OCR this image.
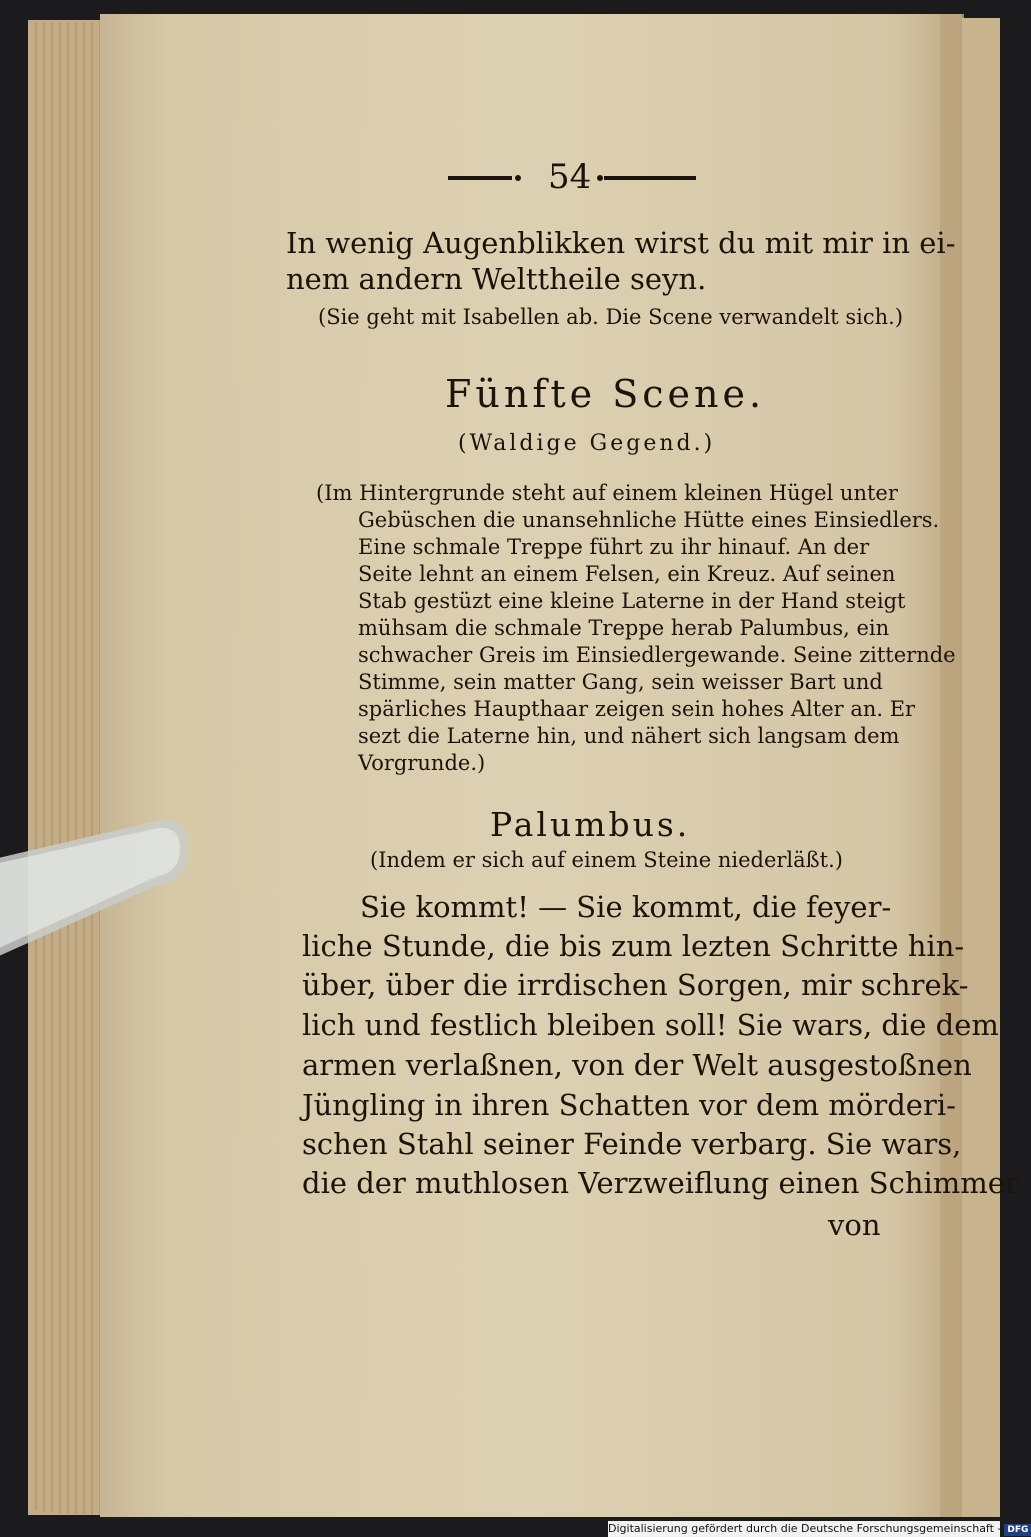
54
In wenig Augenblikken wirst du mit mir in ei-
nem andern Welttheile seyn.
(Sie geht mit Isabellen ab. Die Scene verwandelt sich.)
Fünfte Scene.
(Waldige Gegend.)
(Im Hintergrunde steht auf einem kleinen Hügel unter
Gebüschen die unansehnliche Hütte eines Einsiedlers.
Eine schmale Treppe führt zu ihr hinauf. An der
Seite lehnt an einem Felsen, ein Kreuz. Auf seinen
Stab gestüzt eine kleine Laterne in der Hand steigt
mühsam die schmale Treppe herab Palumbus, ein
schwacher Greis im Einsiedlergewande. Seine zitternde
Stimme, sein matter Gang, sein weisser Bart und
spärliches Haupthaar zeigen sein hohes Alter an. Er
sezt die Laterne hin, und nähert sich langsam dem
Vorgrunde.)
Palumbus.
(Indem er sich auf einem Steine niederläßt.)
Sie kommt! — Sie kommt, die feyer-
liche Stunde, die bis zum lezten Schritte hin-
über, über die irrdischen Sorgen, mir schrek-
lich und festlich bleiben soll! Sie wars, die dem
armen verlaßnen, von der Welt ausgestoßnen
Jüngling in ihren Schatten vor dem mörderi-
schen Stahl seiner Feinde verbarg. Sie wars,
die der muthlosen Verzweiflung einen Schimmer
von
Digitalisierung gefördert durch die Deutsche Forschungsgemeinschaft - DFG
